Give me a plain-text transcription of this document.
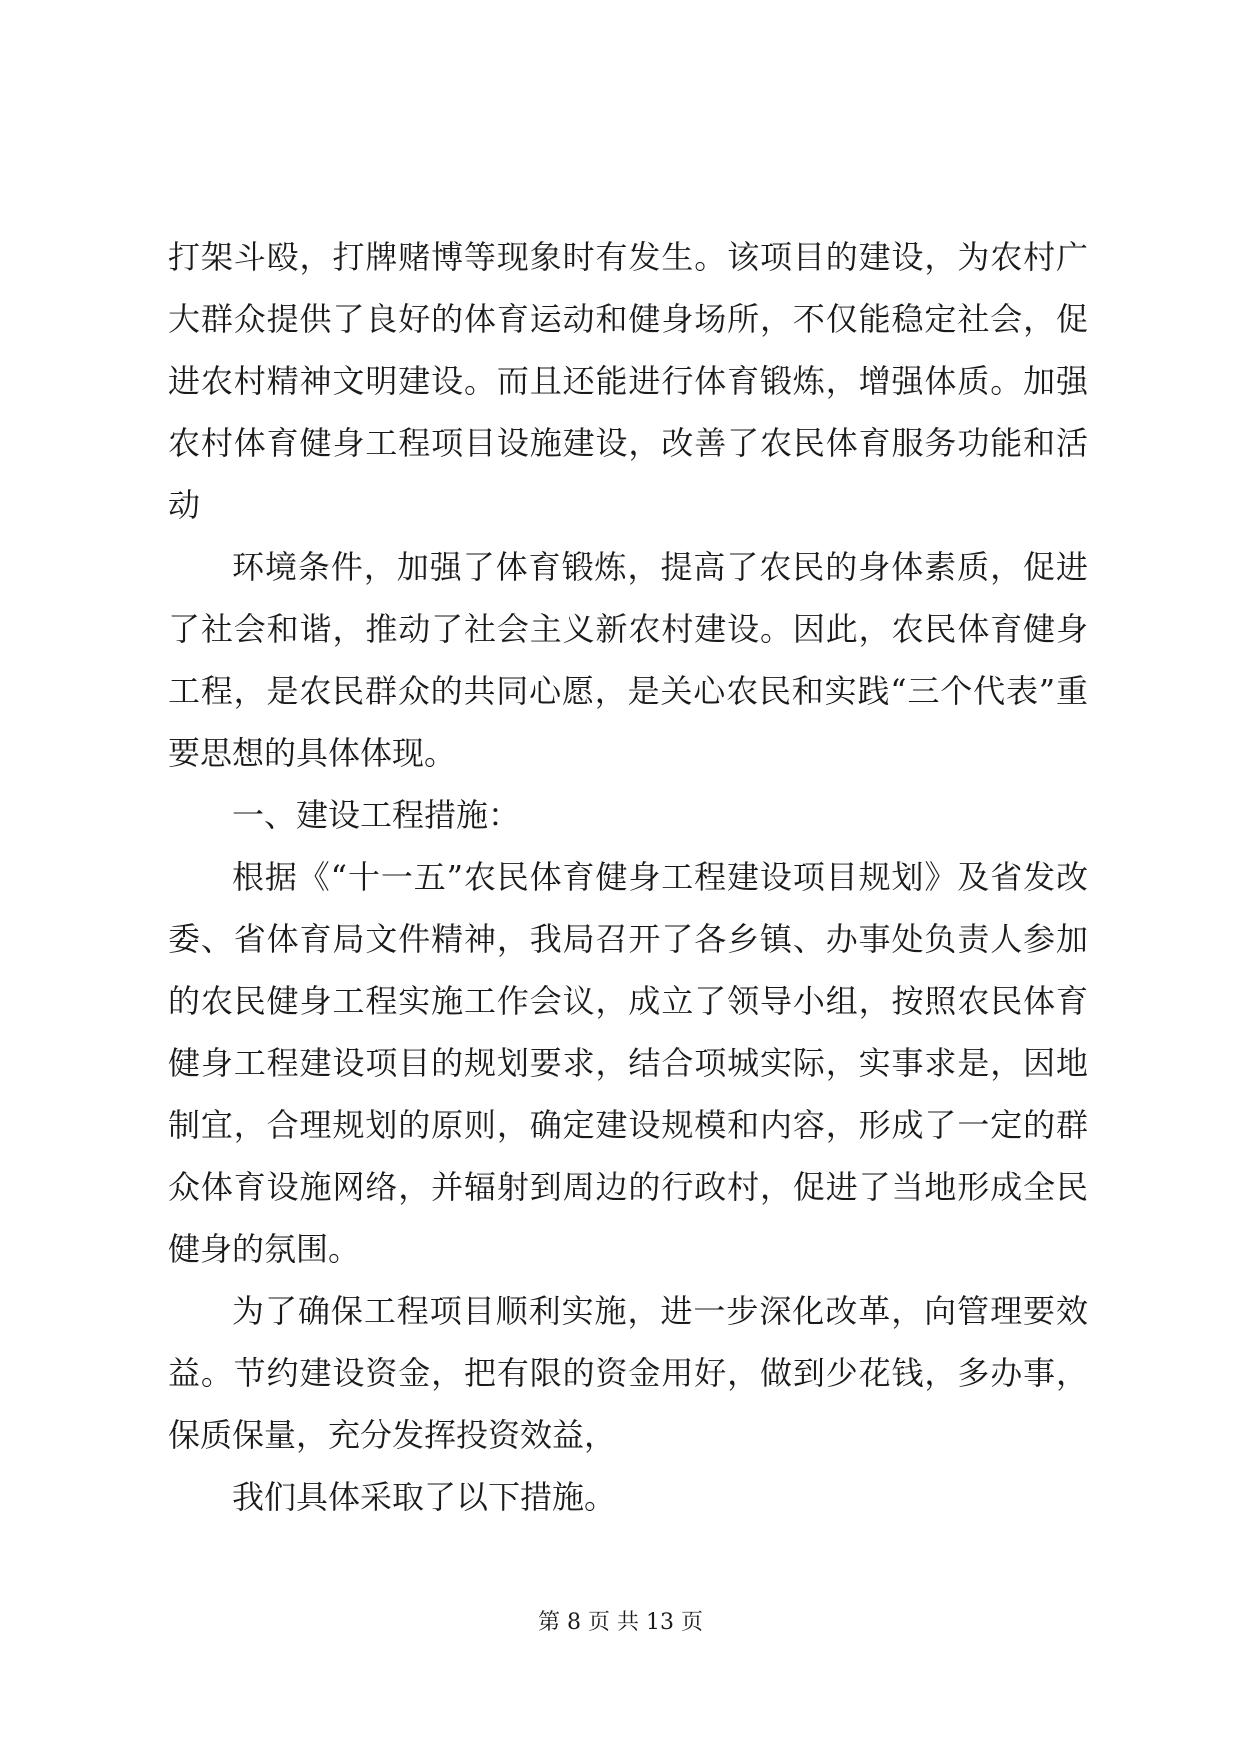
打架斗殴，打牌赌博等现象时有发生。该项目的建设，为农村广大群众提供了良好的体育运动和健身场所，不仅能稳定社会，促进农村精神文明建设。而且还能进行体育锻炼，增强体质。加强农村体育健身工程项目设施建设，改善了农民体育服务功能和活动

环境条件，加强了体育锻炼，提高了农民的身体素质，促进了社会和谐，推动了社会主义新农村建设。因此，农民体育健身工程，是农民群众的共同心愿，是关心农民和实践“三个代表”重要思想的具体体现。

一、建设工程措施：

根据《“十一五”农民体育健身工程建设项目规划》及省发改委、省体育局文件精神，我局召开了各乡镇、办事处负责人参加的农民健身工程实施工作会议，成立了领导小组，按照农民体育健身工程建设项目的规划要求，结合项城实际，实事求是，因地制宜，合理规划的原则，确定建设规模和内容，形成了一定的群众体育设施网络，并辐射到周边的行政村，促进了当地形成全民健身的氛围。

为了确保工程项目顺利实施，进一步深化改革，向管理要效益。节约建设资金，把有限的资金用好，做到少花钱，多办事，保质保量，充分发挥投资效益，

我们具体采取了以下措施。

第 8 页 共 13 页
